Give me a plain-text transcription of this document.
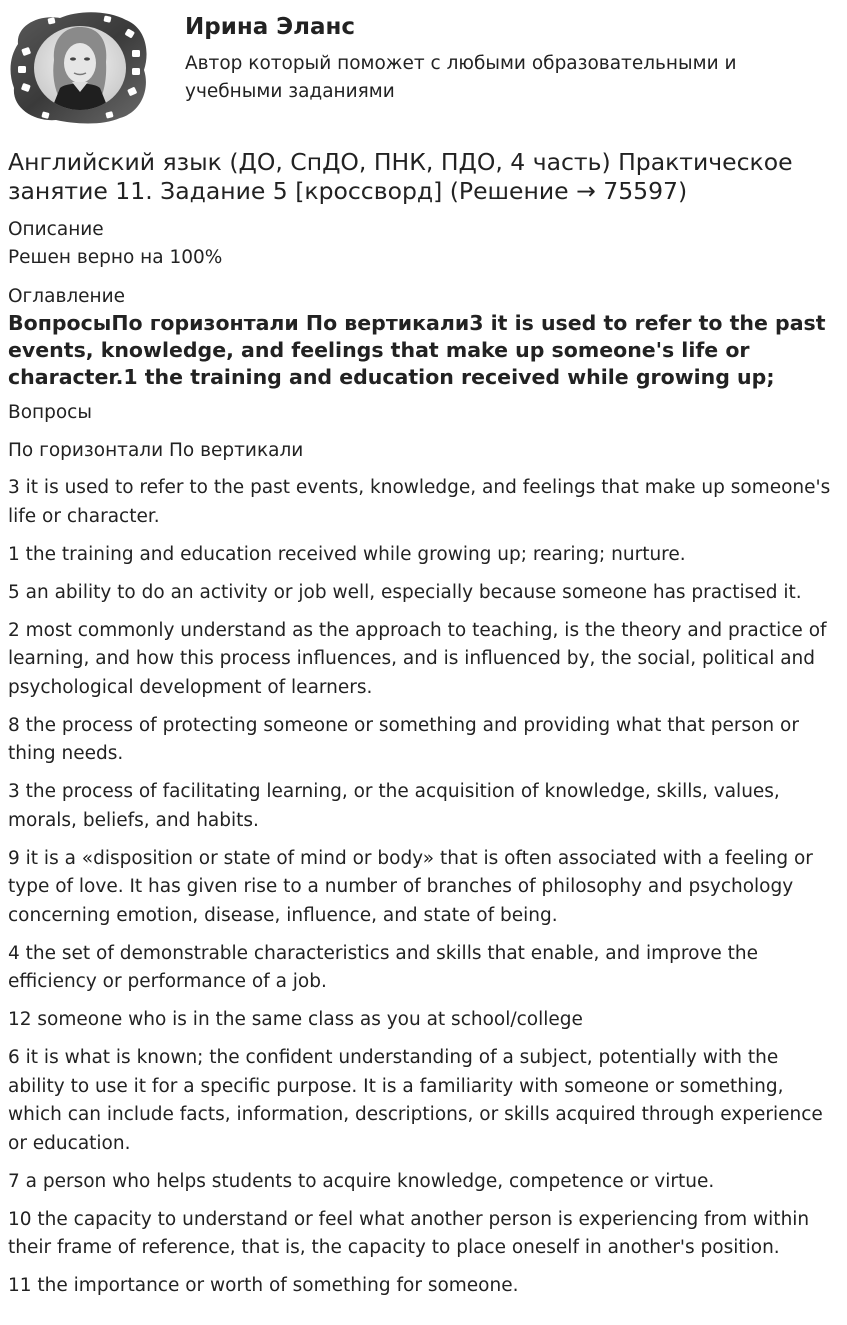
Ирина Эланс
Автор который поможет с любыми образовательными и учебными заданиями
Английский язык (ДО, СпДО, ПНК, ПДО, 4 часть) Практическое занятие 11. Задание 5 [кроссворд] (Решение → 75597)
Описание
Решен верно на 100%
Оглавление
ВопросыПо горизонтали По вертикали3 it is used to refer to the past events, knowledge, and feelings that make up someone's life or character.1 the training and education received while growing up;
Вопросы
По горизонтали По вертикали

3 it is used to refer to the past events, knowledge, and feelings that make up someone's life or character.

1 the training and education received while growing up; rearing; nurture.

5 an ability to do an activity or job well, especially because someone has practised it.

2 most commonly understand as the approach to teaching, is the theory and practice of learning, and how this process influences, and is influenced by, the social, political and psychological development of learners.

8 the process of protecting someone or something and providing what that person or thing needs.

3 the process of facilitating learning, or the acquisition of knowledge, skills, values, morals, beliefs, and habits.

9 it is a «disposition or state of mind or body» that is often associated with a feeling or type of love. It has given rise to a number of branches of philosophy and psychology concerning emotion, disease, influence, and state of being.

4 the set of demonstrable characteristics and skills that enable, and improve the efficiency or performance of a job.

12 someone who is in the same class as you at school/college

6 it is what is known; the confident understanding of a subject, potentially with the ability to use it for a specific purpose. It is a familiarity with someone or something, which can include facts, information, descriptions, or skills acquired through experience or education.

7 a person who helps students to acquire knowledge, competence or virtue.

10 the capacity to understand or feel what another person is experiencing from within their frame of reference, that is, the capacity to place oneself in another's position.

11 the importance or worth of something for someone.
